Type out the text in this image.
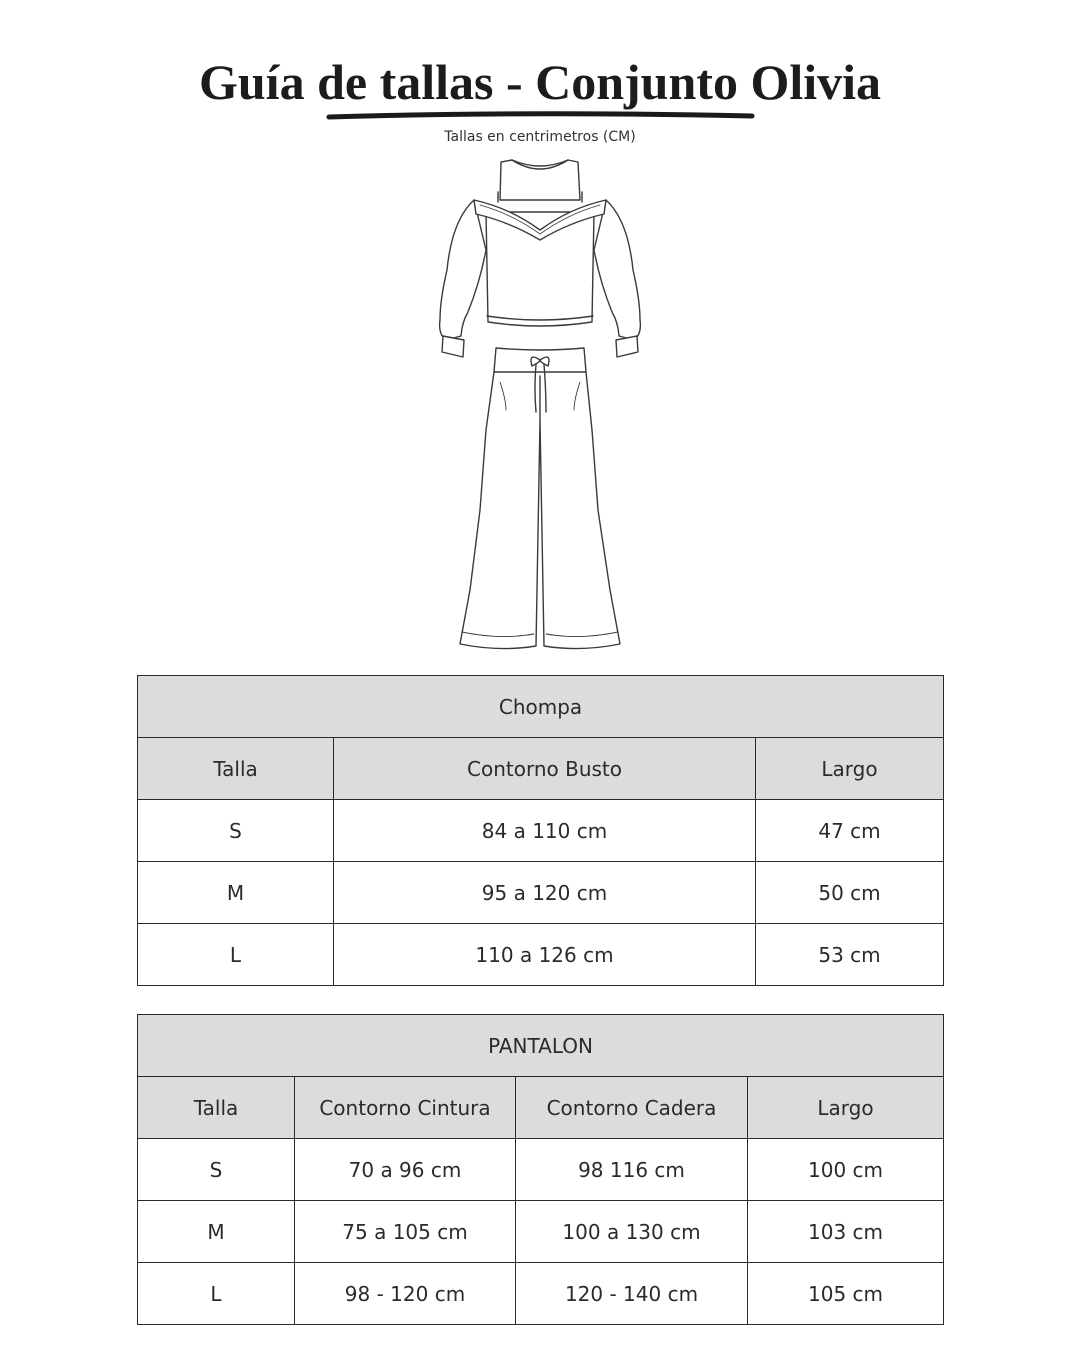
Guía de tallas - Conjunto Olivia
Tallas en centrimetros (CM)
Chompa		
Talla	Contorno Busto	Largo
S	84 a 110 cm	47 cm
M	95 a 120 cm	50 cm
L	110 a 126 cm	53 cm
PANTALON			
Talla	Contorno Cintura	Contorno Cadera	Largo
S	70 a 96 cm	98 116 cm	100 cm
M	75 a 105 cm	100 a 130 cm	103 cm
L	98 - 120 cm	120 - 140 cm	105 cm
